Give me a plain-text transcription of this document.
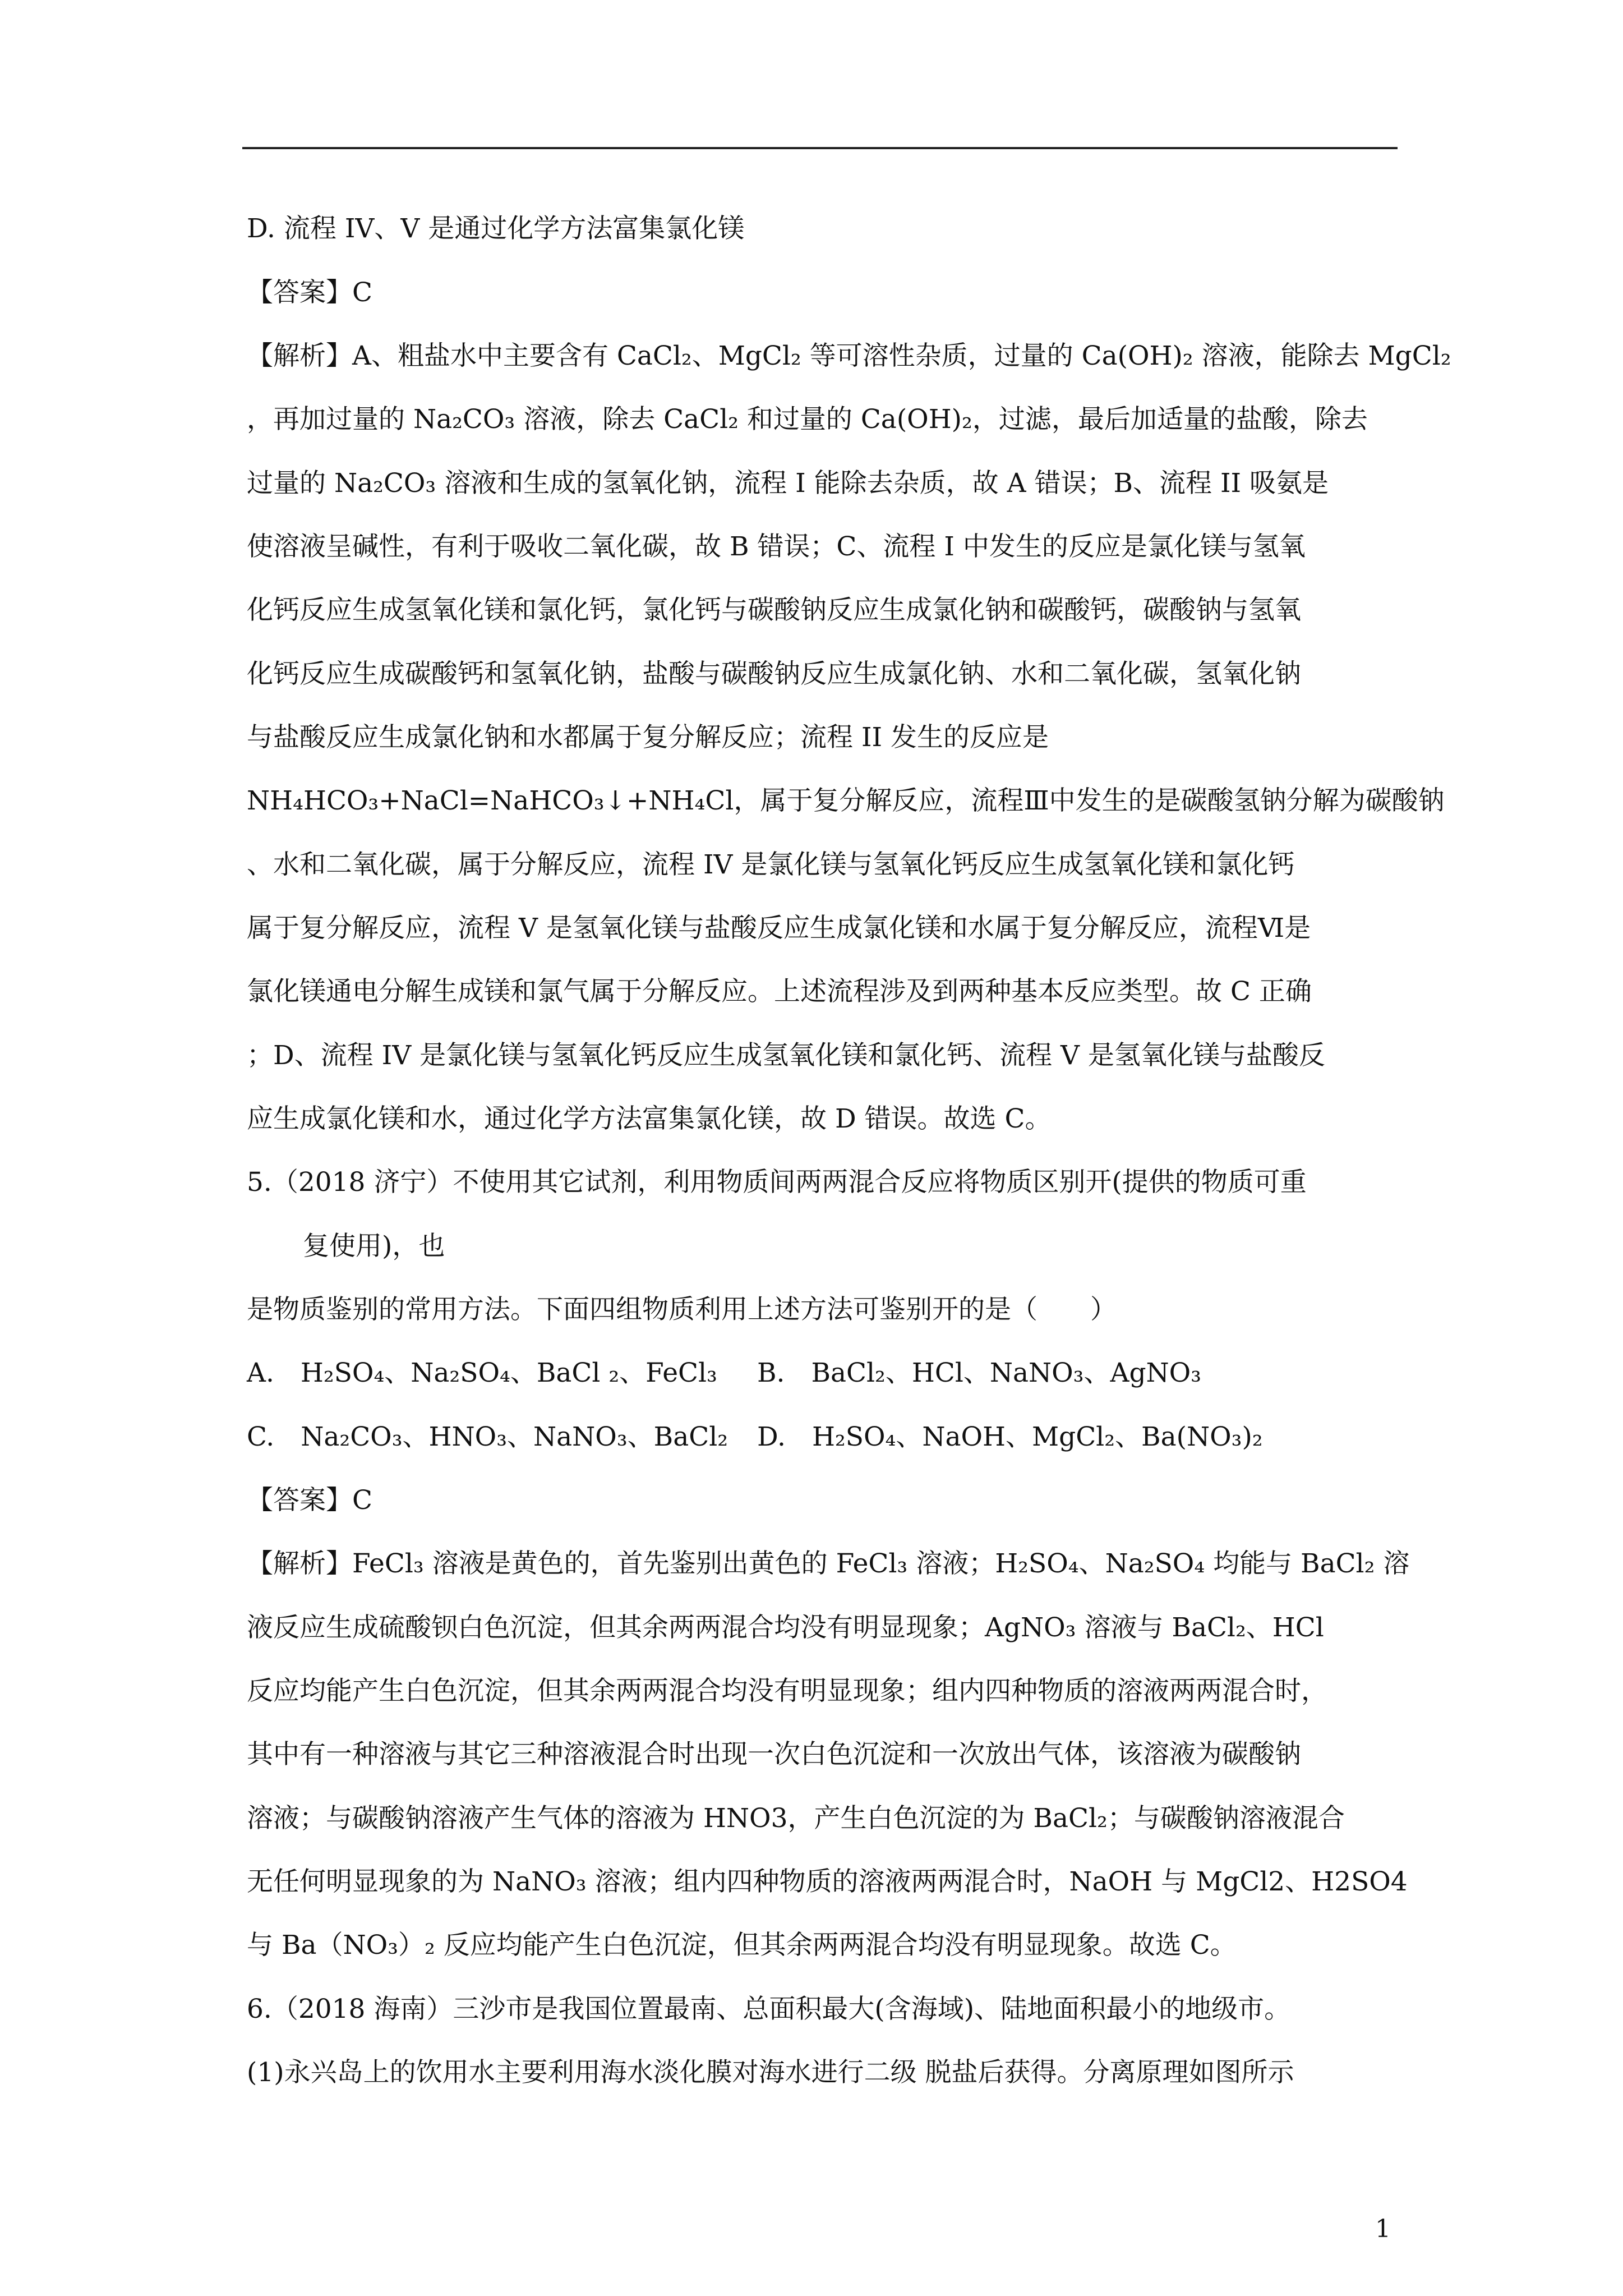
D. 流程 IV、V 是通过化学方法富集氯化镁
【答案】C
【解析】A、粗盐水中主要含有 CaCl₂、MgCl₂ 等可溶性杂质，过量的 Ca(OH)₂ 溶液，能除去 MgCl₂
，再加过量的 Na₂CO₃ 溶液，除去 CaCl₂ 和过量的 Ca(OH)₂，过滤，最后加适量的盐酸，除去
过量的 Na₂CO₃ 溶液和生成的氢氧化钠，流程 I 能除去杂质，故 A 错误；B、流程 II 吸氨是
使溶液呈碱性，有利于吸收二氧化碳，故 B 错误；C、流程 I 中发生的反应是氯化镁与氢氧
化钙反应生成氢氧化镁和氯化钙，氯化钙与碳酸钠反应生成氯化钠和碳酸钙，碳酸钠与氢氧
化钙反应生成碳酸钙和氢氧化钠，盐酸与碳酸钠反应生成氯化钠、水和二氧化碳，氢氧化钠
与盐酸反应生成氯化钠和水都属于复分解反应；流程 II 发生的反应是
NH₄HCO₃+NaCl=NaHCO₃↓+NH₄Cl，属于复分解反应，流程Ⅲ中发生的是碳酸氢钠分解为碳酸钠
、水和二氧化碳，属于分解反应，流程 IV 是氯化镁与氢氧化钙反应生成氢氧化镁和氯化钙
属于复分解反应，流程 V 是氢氧化镁与盐酸反应生成氯化镁和水属于复分解反应，流程Ⅵ是
氯化镁通电分解生成镁和氯气属于分解反应。上述流程涉及到两种基本反应类型。故 C 正确
；D、流程 IV 是氯化镁与氢氧化钙反应生成氢氧化镁和氯化钙、流程 V 是氢氧化镁与盐酸反
应生成氯化镁和水，通过化学方法富集氯化镁，故 D 错误。故选 C。
5.（2018 济宁）不使用其它试剂，利用物质间两两混合反应将物质区别开(提供的物质可重
复使用)，也
是物质鉴别的常用方法。下面四组物质利用上述方法可鉴别开的是（　　）
A.　H₂SO₄、Na₂SO₄、BaCl ₂、FeCl₃ B.　BaCl₂、HCl、NaNO₃、AgNO₃
C.　Na₂CO₃、HNO₃、NaNO₃、BaCl₂ D.　H₂SO₄、NaOH、MgCl₂、Ba(NO₃)₂
【答案】C
【解析】FeCl₃ 溶液是黄色的，首先鉴别出黄色的 FeCl₃ 溶液；H₂SO₄、Na₂SO₄ 均能与 BaCl₂ 溶
液反应生成硫酸钡白色沉淀，但其余两两混合均没有明显现象；AgNO₃ 溶液与 BaCl₂、HCl
反应均能产生白色沉淀，但其余两两混合均没有明显现象；组内四种物质的溶液两两混合时，
其中有一种溶液与其它三种溶液混合时出现一次白色沉淀和一次放出气体，该溶液为碳酸钠
溶液；与碳酸钠溶液产生气体的溶液为 HNO3，产生白色沉淀的为 BaCl₂；与碳酸钠溶液混合
无任何明显现象的为 NaNO₃ 溶液；组内四种物质的溶液两两混合时，NaOH 与 MgCl2、H2SO4
与 Ba（NO₃）₂ 反应均能产生白色沉淀，但其余两两混合均没有明显现象。故选 C。
6.（2018 海南）三沙市是我国位置最南、总面积最大(含海域)、陆地面积最小的地级市。
(1)永兴岛上的饮用水主要利用海水淡化膜对海水进行二级 脱盐后获得。分离原理如图所示
1
